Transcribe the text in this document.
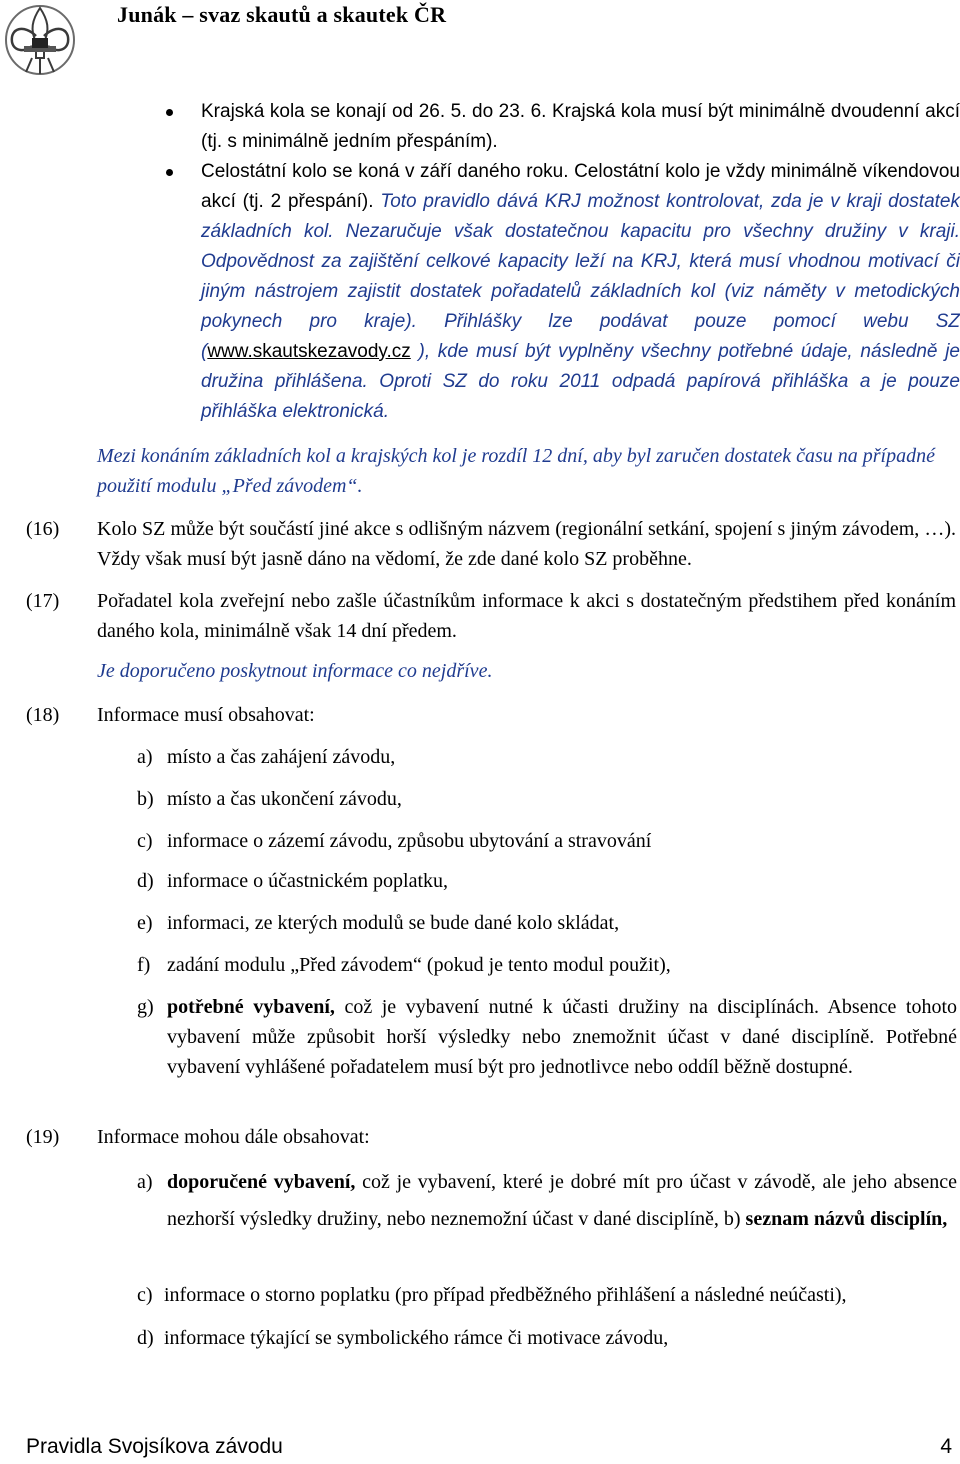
Junák – svaz skautů a skautek ČR
Krajská kola se konají od 26. 5. do 23. 6. Krajská kola musí být minimálně dvoudenní akcí (tj. s minimálně jedním přespáním).
Celostátní kolo se koná v září daného roku. Celostátní kolo je vždy minimálně víkendovou akcí (tj. 2 přespání). Toto pravidlo dává KRJ možnost kontrolovat, zda je v kraji dostatek základních kol. Nezaručuje však dostatečnou kapacitu pro všechny družiny v kraji. Odpovědnost za zajištění celkové kapacity leží na KRJ, která musí vhodnou motivací či jiným nástrojem zajistit dostatek pořadatelů základních kol (viz náměty v metodických pokynech pro kraje). Přihlášky lze podávat pouze pomocí webu SZ (www.skautskezavody.cz ), kde musí být vyplněny všechny potřebné údaje, následně je družina přihlášena. Oproti SZ do roku 2011 odpadá papírová přihláška a je pouze přihláška elektronická.
Mezi konáním základních kol a krajských kol je rozdíl 12 dní, aby byl zaručen dostatek času na případné použití modulu „Před závodem“.
(16) Kolo SZ může být součástí jiné akce s odlišným názvem (regionální setkání, spojení s jiným závodem, …). Vždy však musí být jasně dáno na vědomí, že zde dané kolo SZ proběhne.
(17) Pořadatel kola zveřejní nebo zašle účastníkům informace k akci s dostatečným předstihem před konáním daného kola, minimálně však 14 dní předem.
Je doporučeno poskytnout informace co nejdříve.
(18) Informace musí obsahovat:
a) místo a čas zahájení závodu,
b) místo a čas ukončení závodu,
c) informace o zázemí závodu, způsobu ubytování a stravování
d) informace o účastnickém poplatku,
e) informaci, ze kterých modulů se bude dané kolo skládat,
f) zadání modulu „Před závodem“ (pokud je tento modul použit),
g) potřebné vybavení, což je vybavení nutné k účasti družiny na disciplínách. Absence tohoto vybavení může způsobit horší výsledky nebo znemožnit účast v dané disciplíně. Potřebné vybavení vyhlášené pořadatelem musí být pro jednotlivce nebo oddíl běžně dostupné.
(19) Informace mohou dále obsahovat:
a) doporučené vybavení, což je vybavení, které je dobré mít pro účast v závodě, ale jeho absence nezhorší výsledky družiny, nebo neznemožní účast v dané disciplíně, b) seznam názvů disciplín,
c) informace o storno poplatku (pro případ předběžného přihlášení a následné neúčasti),
d) informace týkající se symbolického rámce či motivace závodu,
Pravidla Svojsíkova závodu	4
